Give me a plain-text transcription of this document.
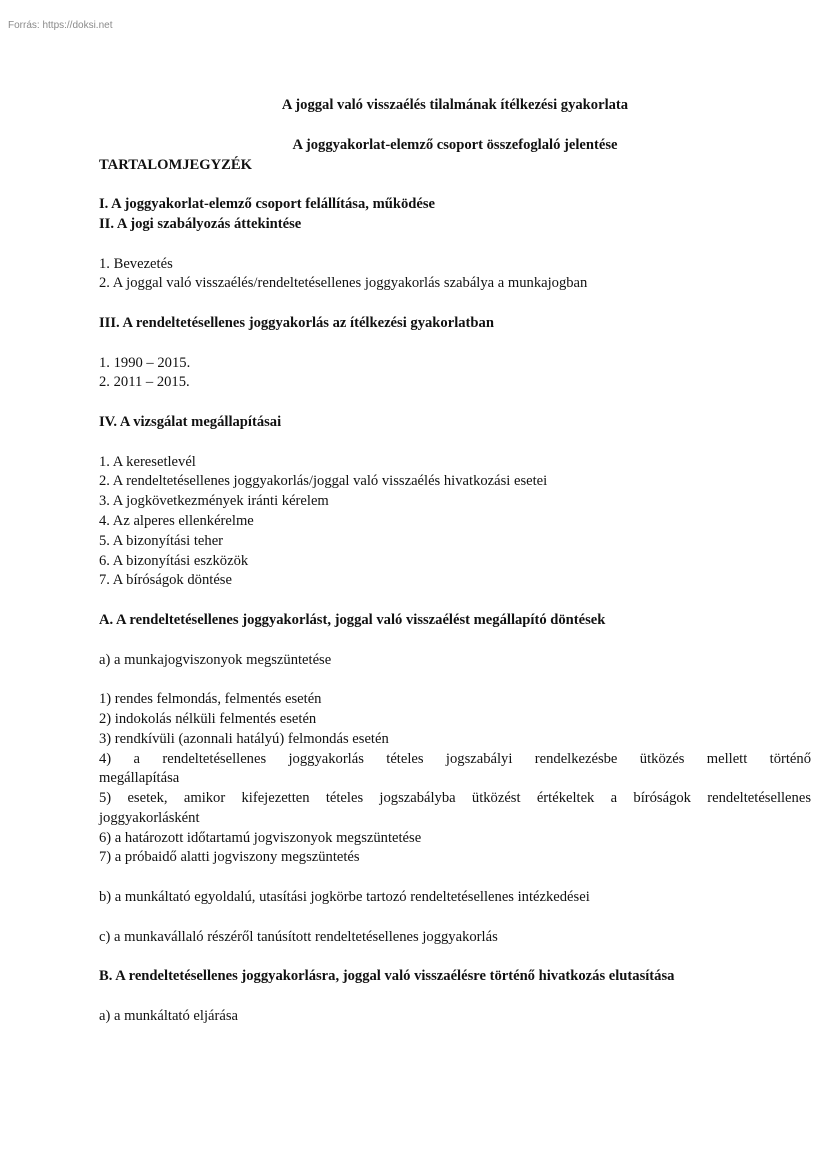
Forrás: https://doksi.net

A joggal való visszaélés tilalmának ítélkezési gyakorlata

A joggyakorlat-elemző csoport összefoglaló jelentése

TARTALOMJEGYZÉK

I. A joggyakorlat-elemző csoport felállítása, működése
II. A jogi szabályozás áttekintése
1. Bevezetés
2. A joggal való visszaélés/rendeltetésellenes joggyakorlás szabálya a munkajogban
III. A rendeltetésellenes joggyakorlás az ítélkezési gyakorlatban
1. 1990 – 2015.
2. 2011 – 2015.
IV. A vizsgálat megállapításai
1. A keresetlevél
2. A rendeltetésellenes joggyakorlás/joggal való visszaélés hivatkozási esetei
3. A jogkövetkezmények iránti kérelem
4. Az alperes ellenkérelme
5. A bizonyítási teher
6. A bizonyítási eszközök
7. A bíróságok döntése
A. A rendeltetésellenes joggyakorlást, joggal való visszaélést megállapító döntések
a) a munkajogviszonyok megszüntetése
1) rendes felmondás, felmentés esetén
2) indokolás nélküli felmentés esetén
3) rendkívüli (azonnali hatályú) felmondás esetén
4) a rendeltetésellenes joggyakorlás tételes jogszabályi rendelkezésbe ütközés mellett történő
megállapítása
5) esetek, amikor kifejezetten tételes jogszabályba ütközést értékeltek a bíróságok rendeltetésellenes
joggyakorlásként
6) a határozott időtartamú jogviszonyok megszüntetése
7) a próbaidő alatti jogviszony megszüntetés
b) a munkáltató egyoldalú, utasítási jogkörbe tartozó rendeltetésellenes intézkedései
c) a munkavállaló részéről tanúsított rendeltetésellenes joggyakorlás
B. A rendeltetésellenes joggyakorlásra, joggal való visszaélésre történő hivatkozás elutasítása
a) a munkáltató eljárása
